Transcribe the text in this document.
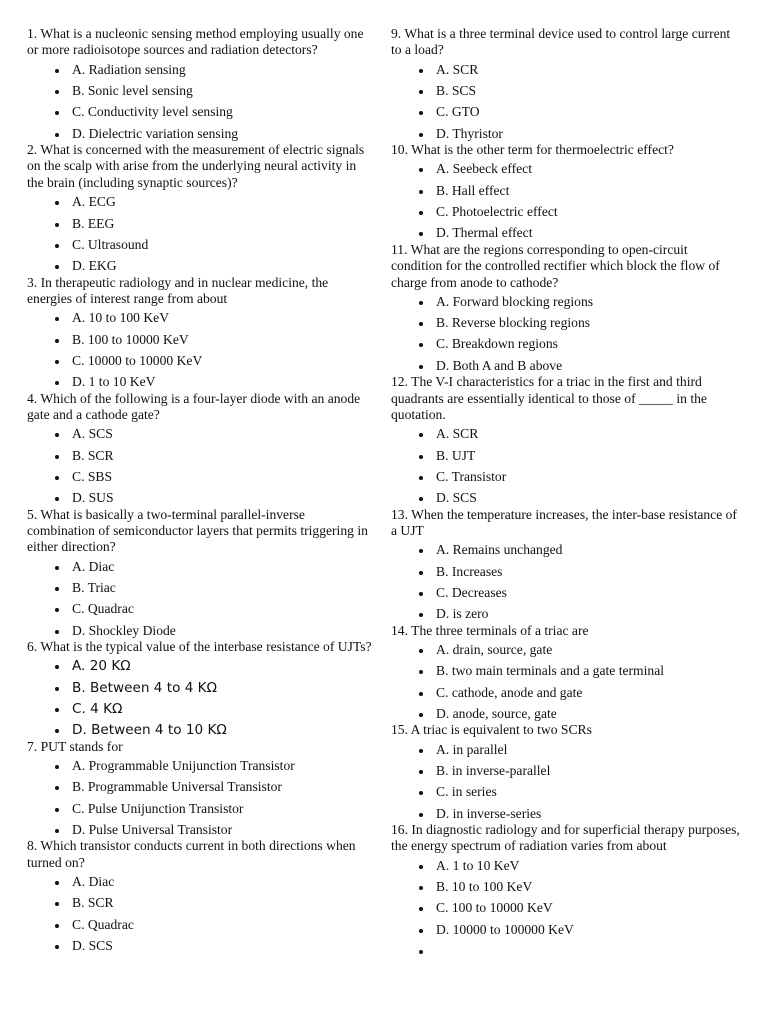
1. What is a nucleonic sensing method employing usually one or more radioisotope sources and radiation detectors?

A. Radiation sensing
B. Sonic level sensing
C. Conductivity level sensing
D. Dielectric variation sensing

2. What is concerned with the measurement of electric signals on the scalp with arise from the underlying neural activity in the brain (including synaptic sources)?

A. ECG
B. EEG
C. Ultrasound
D. EKG

3. In therapeutic radiology and in nuclear medicine, the energies of interest range from about

A. 10 to 100 KeV
B. 100 to 10000 KeV
C. 10000 to 10000 KeV
D. 1 to 10 KeV

4. Which of the following is a four-layer diode with an anode gate and a cathode gate?

A. SCS
B. SCR
C. SBS
D. SUS

5. What is basically a two-terminal parallel-inverse combination of semiconductor layers that permits triggering in either direction?

A. Diac
B. Triac
C. Quadrac
D. Shockley Diode

6. What is the typical value of the interbase resistance of UJTs?

A. 20 KΩ
B. Between 4 to 4 KΩ
C. 4 KΩ
D. Between 4 to 10 KΩ

7. PUT stands for

A. Programmable Unijunction Transistor
B. Programmable Universal Transistor
C. Pulse Unijunction Transistor
D. Pulse Universal Transistor

8. Which transistor conducts current in both directions when turned on?

A. Diac
B. SCR
C. Quadrac
D. SCS

9. What is a three terminal device used to control large current to a load?

A. SCR
B. SCS
C. GTO
D. Thyristor

10. What is the other term for thermoelectric effect?

A. Seebeck effect
B. Hall effect
C. Photoelectric effect
D. Thermal effect

11. What are the regions corresponding to open-circuit condition for the controlled rectifier which block the flow of charge from anode to cathode?

A. Forward blocking regions
B. Reverse blocking regions
C. Breakdown regions
D. Both A and B above

12. The V-I characteristics for a triac in the first and third quadrants are essentially identical to those of _____ in the quotation.

A. SCR
B. UJT
C. Transistor
D. SCS

13. When the temperature increases, the inter-base resistance of a UJT

A. Remains unchanged
B. Increases
C. Decreases
D. is zero

14. The three terminals of a triac are

A. drain, source, gate
B. two main terminals and a gate terminal
C. cathode, anode and gate
D. anode, source, gate

15. A triac is equivalent to two SCRs

A. in parallel
B. in inverse-parallel
C. in series
D. in inverse-series

16. In diagnostic radiology and for superficial therapy purposes, the energy spectrum of radiation varies from about

A. 1 to 10 KeV
B. 10 to 100 KeV
C. 100 to 10000 KeV
D. 10000 to 100000 KeV
